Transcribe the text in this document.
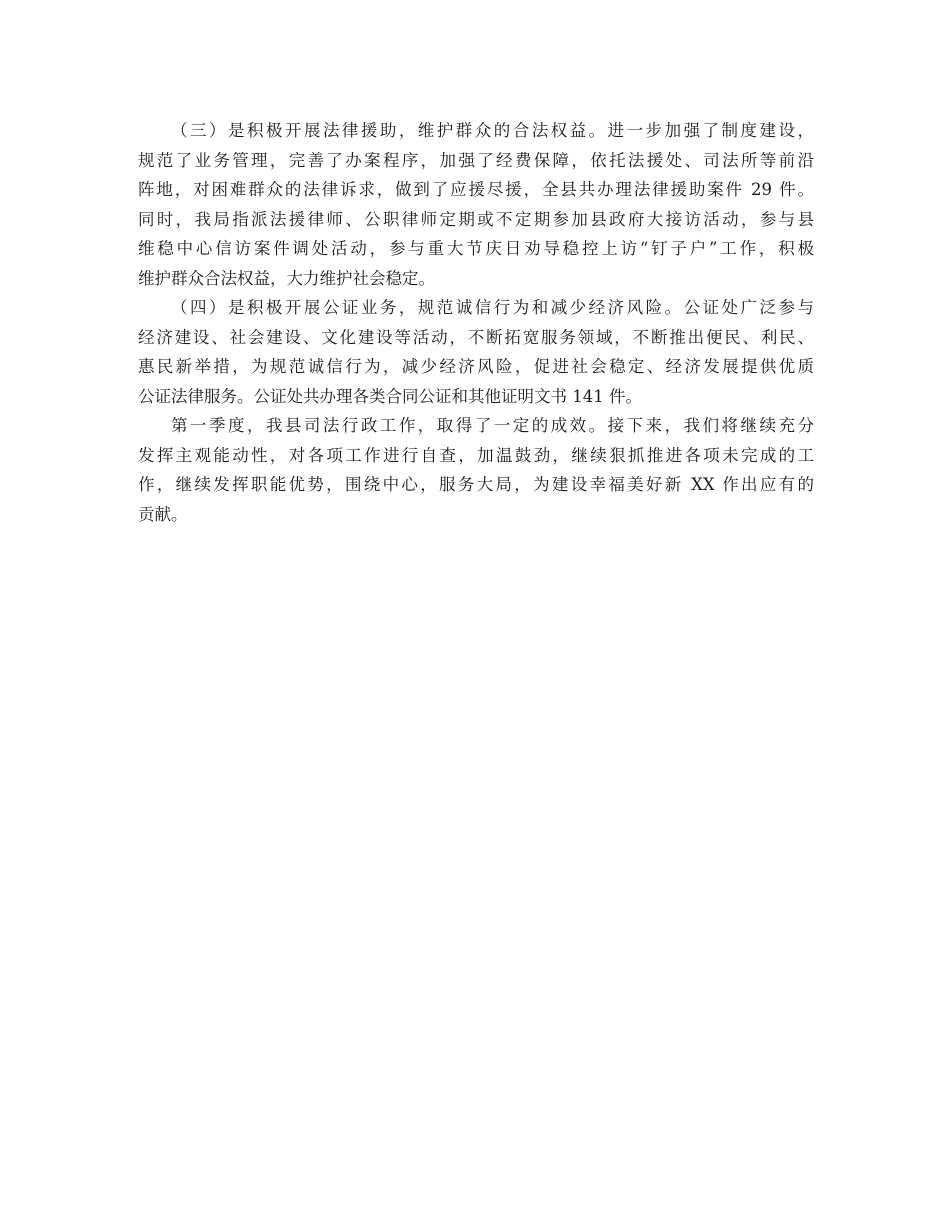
（三）是积极开展法律援助，维护群众的合法权益。进一步加强了制度建设，
规范了业务管理，完善了办案程序，加强了经费保障，依托法援处、司法所等前沿
阵地，对困难群众的法律诉求，做到了应援尽援，全县共办理法律援助案件 29 件。
同时，我局指派法援律师、公职律师定期或不定期参加县政府大接访活动，参与县
维稳中心信访案件调处活动，参与重大节庆日劝导稳控上访“钉子户”工作，积极
维护群众合法权益，大力维护社会稳定。

（四）是积极开展公证业务，规范诚信行为和减少经济风险。公证处广泛参与
经济建设、社会建设、文化建设等活动，不断拓宽服务领域，不断推出便民、利民、
惠民新举措，为规范诚信行为，减少经济风险，促进社会稳定、经济发展提供优质
公证法律服务。公证处共办理各类合同公证和其他证明文书 141 件。

第一季度，我县司法行政工作，取得了一定的成效。接下来，我们将继续充分
发挥主观能动性，对各项工作进行自查，加温鼓劲，继续狠抓推进各项未完成的工
作，继续发挥职能优势，围绕中心，服务大局，为建设幸福美好新 XX 作出应有的
贡献。
